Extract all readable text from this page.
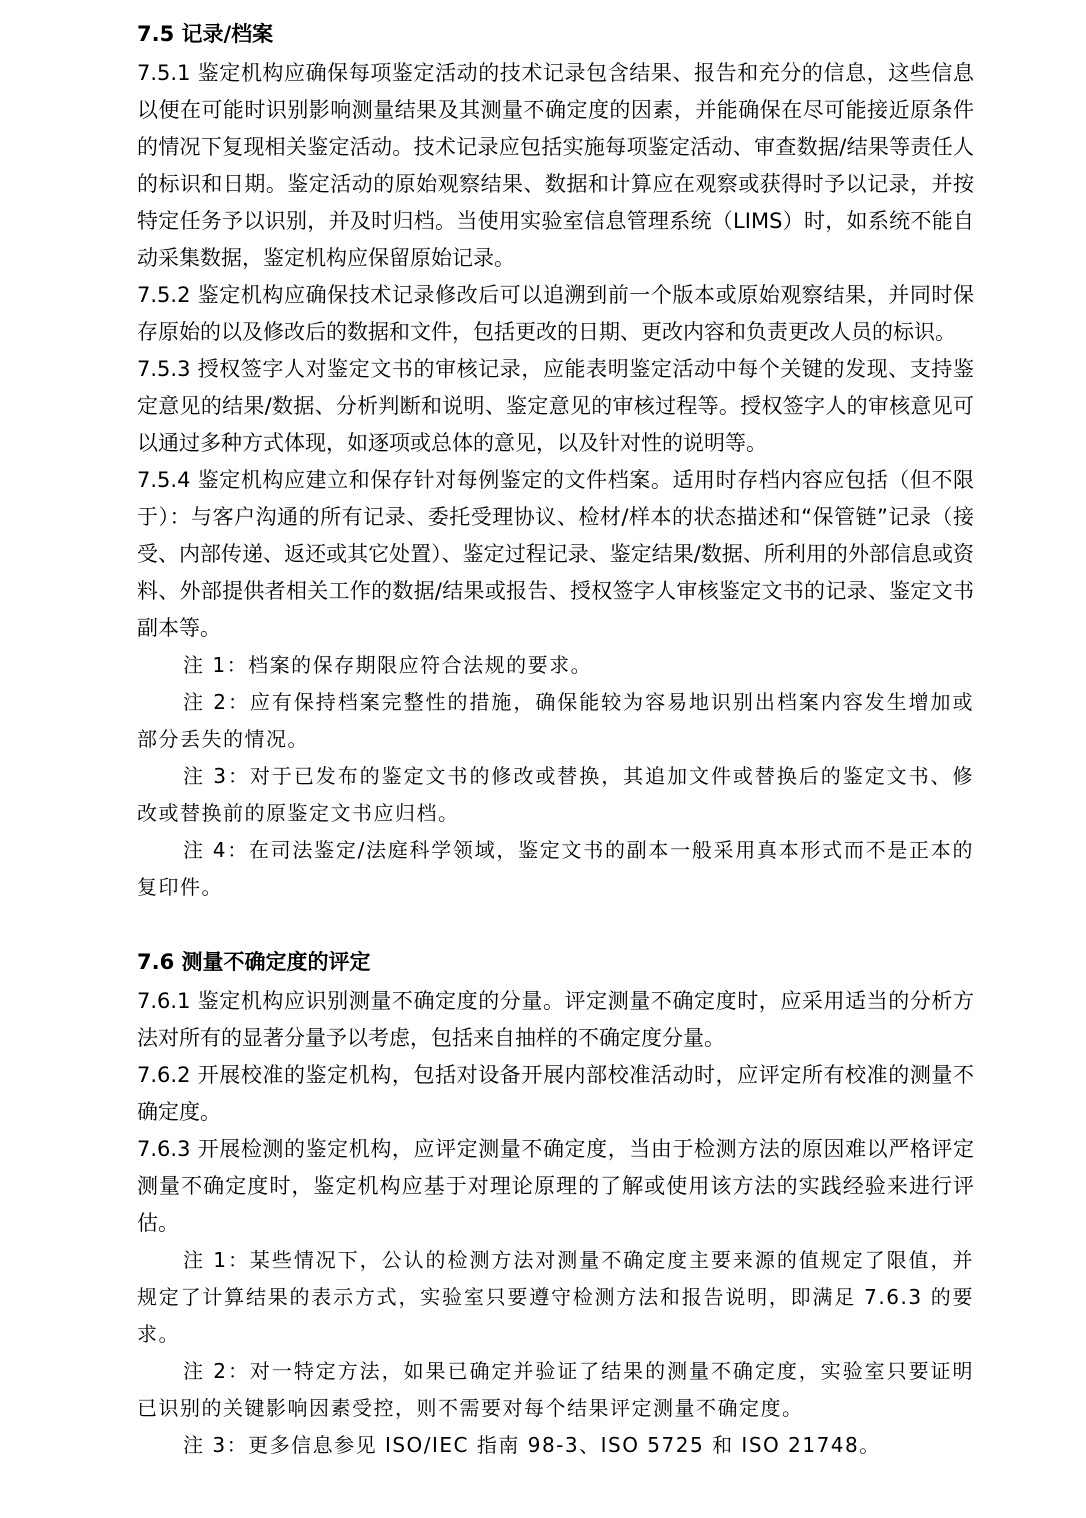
7.5 记录/档案

7.5.1 鉴定机构应确保每项鉴定活动的技术记录包含结果、报告和充分的信息，这些信息以便在可能时识别影响测量结果及其测量不确定度的因素，并能确保在尽可能接近原条件的情况下复现相关鉴定活动。技术记录应包括实施每项鉴定活动、审查数据/结果等责任人的标识和日期。鉴定活动的原始观察结果、数据和计算应在观察或获得时予以记录，并按特定任务予以识别，并及时归档。当使用实验室信息管理系统（LIMS）时，如系统不能自动采集数据，鉴定机构应保留原始记录。

7.5.2 鉴定机构应确保技术记录修改后可以追溯到前一个版本或原始观察结果，并同时保存原始的以及修改后的数据和文件，包括更改的日期、更改内容和负责更改人员的标识。

7.5.3 授权签字人对鉴定文书的审核记录，应能表明鉴定活动中每个关键的发现、支持鉴定意见的结果/数据、分析判断和说明、鉴定意见的审核过程等。授权签字人的审核意见可以通过多种方式体现，如逐项或总体的意见，以及针对性的说明等。

7.5.4 鉴定机构应建立和保存针对每例鉴定的文件档案。适用时存档内容应包括（但不限于）：与客户沟通的所有记录、委托受理协议、检材/样本的状态描述和“保管链”记录（接受、内部传递、返还或其它处置）、鉴定过程记录、鉴定结果/数据、所利用的外部信息或资料、外部提供者相关工作的数据/结果或报告、授权签字人审核鉴定文书的记录、鉴定文书副本等。

注 1：档案的保存期限应符合法规的要求。

注 2：应有保持档案完整性的措施，确保能较为容易地识别出档案内容发生增加或部分丢失的情况。

注 3：对于已发布的鉴定文书的修改或替换，其追加文件或替换后的鉴定文书、修改或替换前的原鉴定文书应归档。

注 4：在司法鉴定/法庭科学领域，鉴定文书的副本一般采用真本形式而不是正本的复印件。

7.6 测量不确定度的评定

7.6.1 鉴定机构应识别测量不确定度的分量。评定测量不确定度时，应采用适当的分析方法对所有的显著分量予以考虑，包括来自抽样的不确定度分量。

7.6.2 开展校准的鉴定机构，包括对设备开展内部校准活动时，应评定所有校准的测量不确定度。

7.6.3 开展检测的鉴定机构，应评定测量不确定度，当由于检测方法的原因难以严格评定测量不确定度时，鉴定机构应基于对理论原理的了解或使用该方法的实践经验来进行评估。

注 1：某些情况下，公认的检测方法对测量不确定度主要来源的值规定了限值，并规定了计算结果的表示方式，实验室只要遵守检测方法和报告说明，即满足 7.6.3 的要求。

注 2：对一特定方法，如果已确定并验证了结果的测量不确定度，实验室只要证明已识别的关键影响因素受控，则不需要对每个结果评定测量不确定度。

注 3：更多信息参见 ISO/IEC 指南 98-3、ISO 5725 和 ISO 21748。
